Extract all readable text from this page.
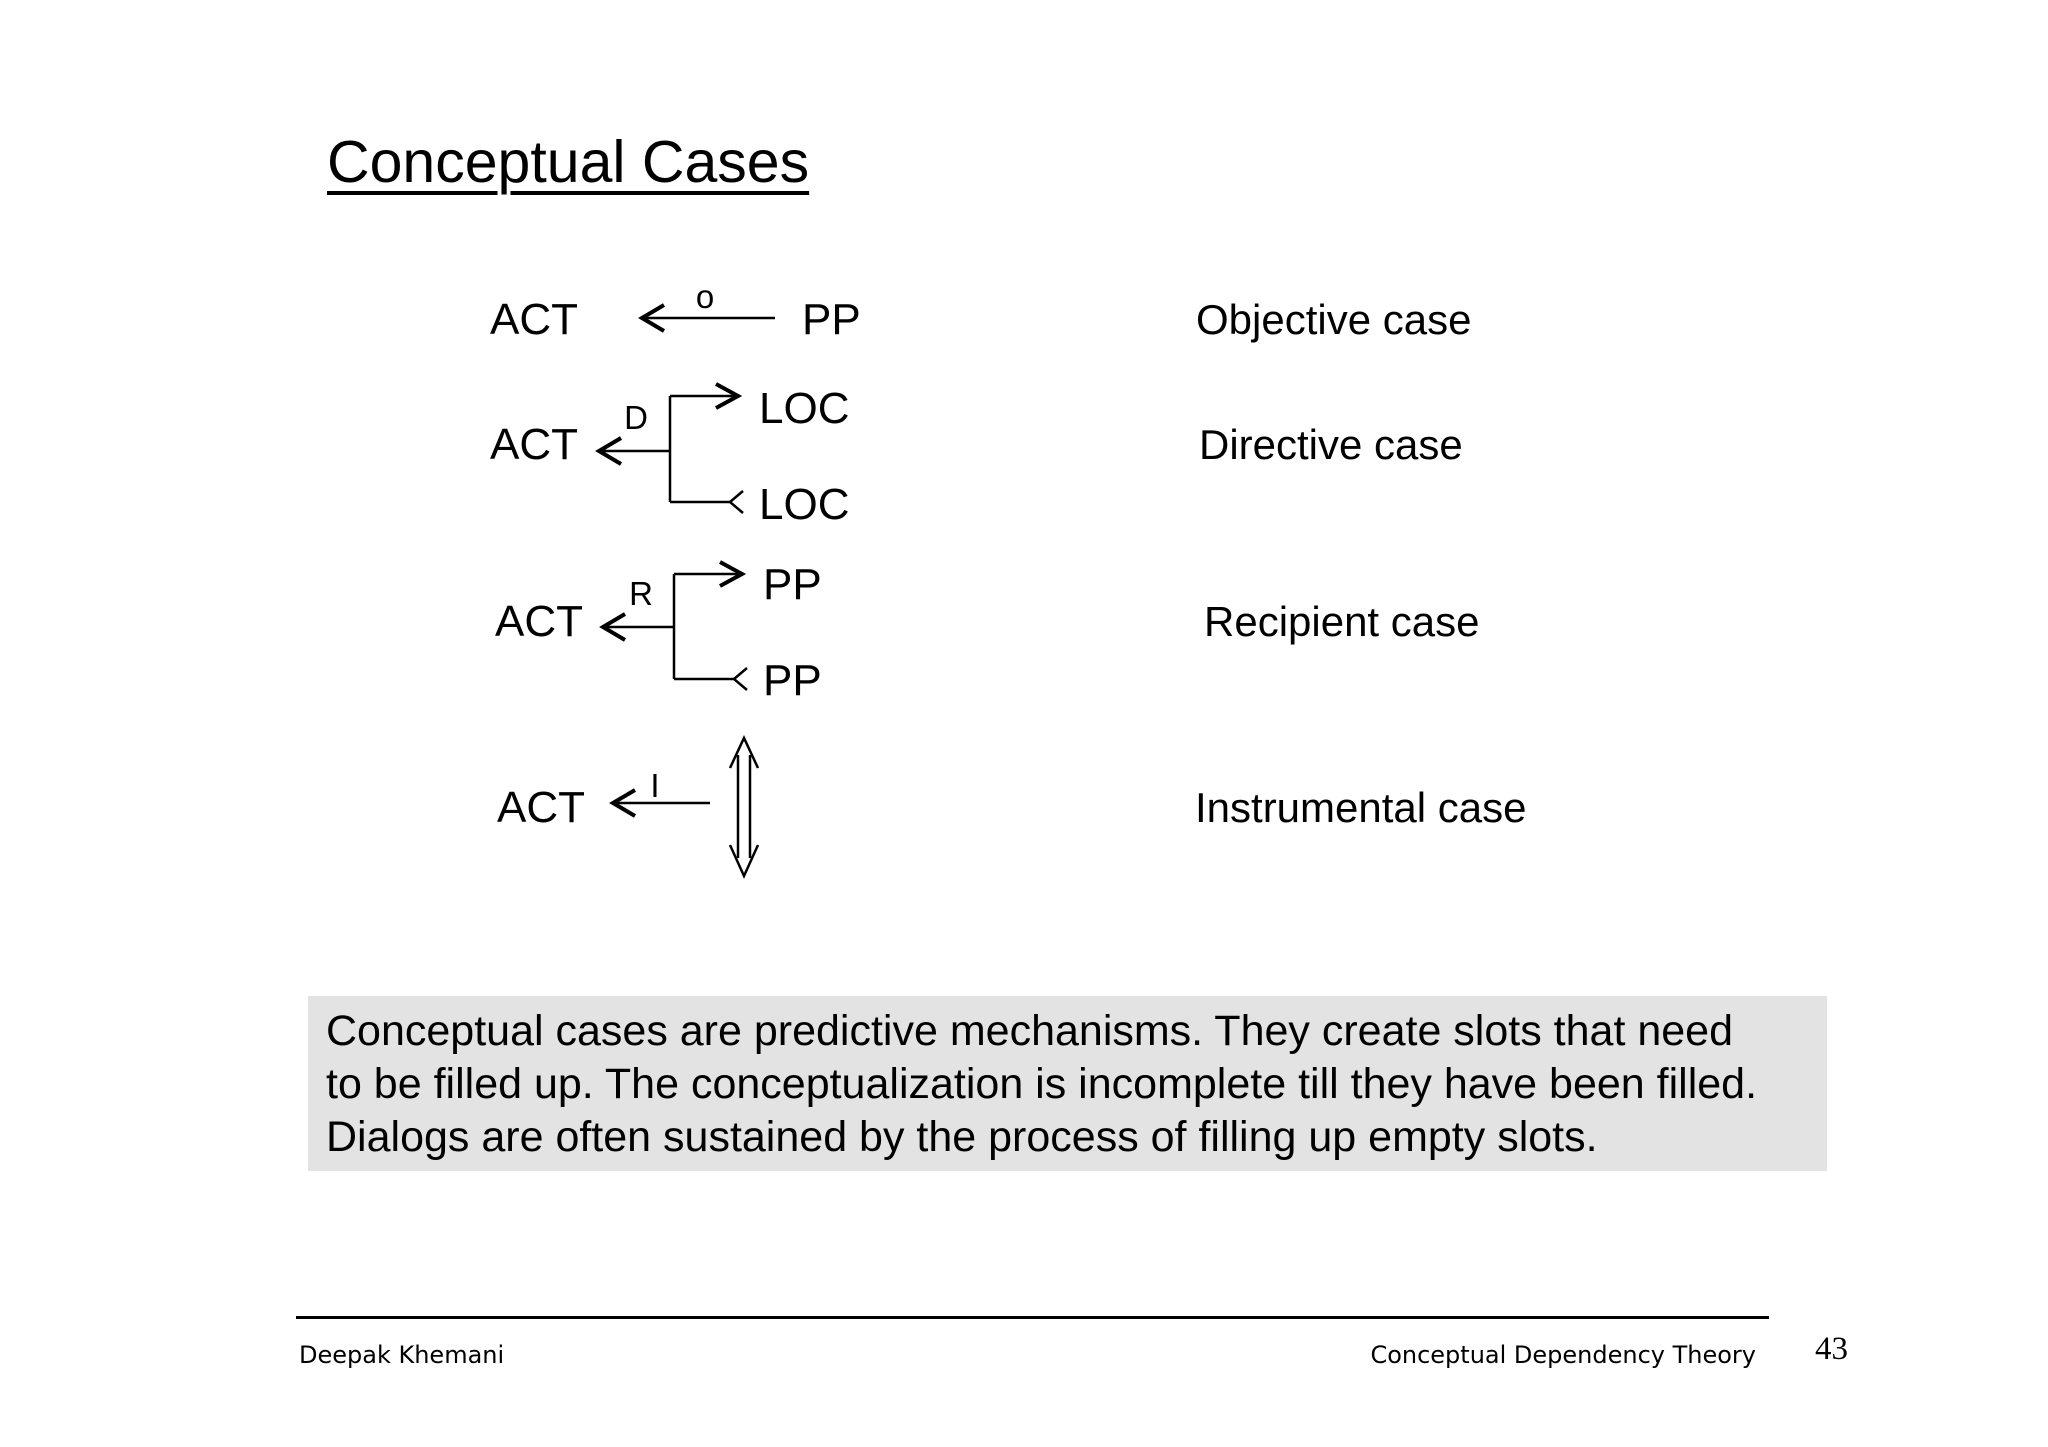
Conceptual Cases
ACT	o PP	Objective case
ACT
D	LOC
LOC
Directive case
ACT
R	PP
PP
Recipient case
ACT I	Instrumental case
Conceptual cases are predictive mechanisms. They create slots that need
to be filled up. The conceptualization is incomplete till they have been filled.
Dialogs are often sustained by the process of filling up empty slots.
Deepak Khemani	Conceptual Dependency Theory 43
